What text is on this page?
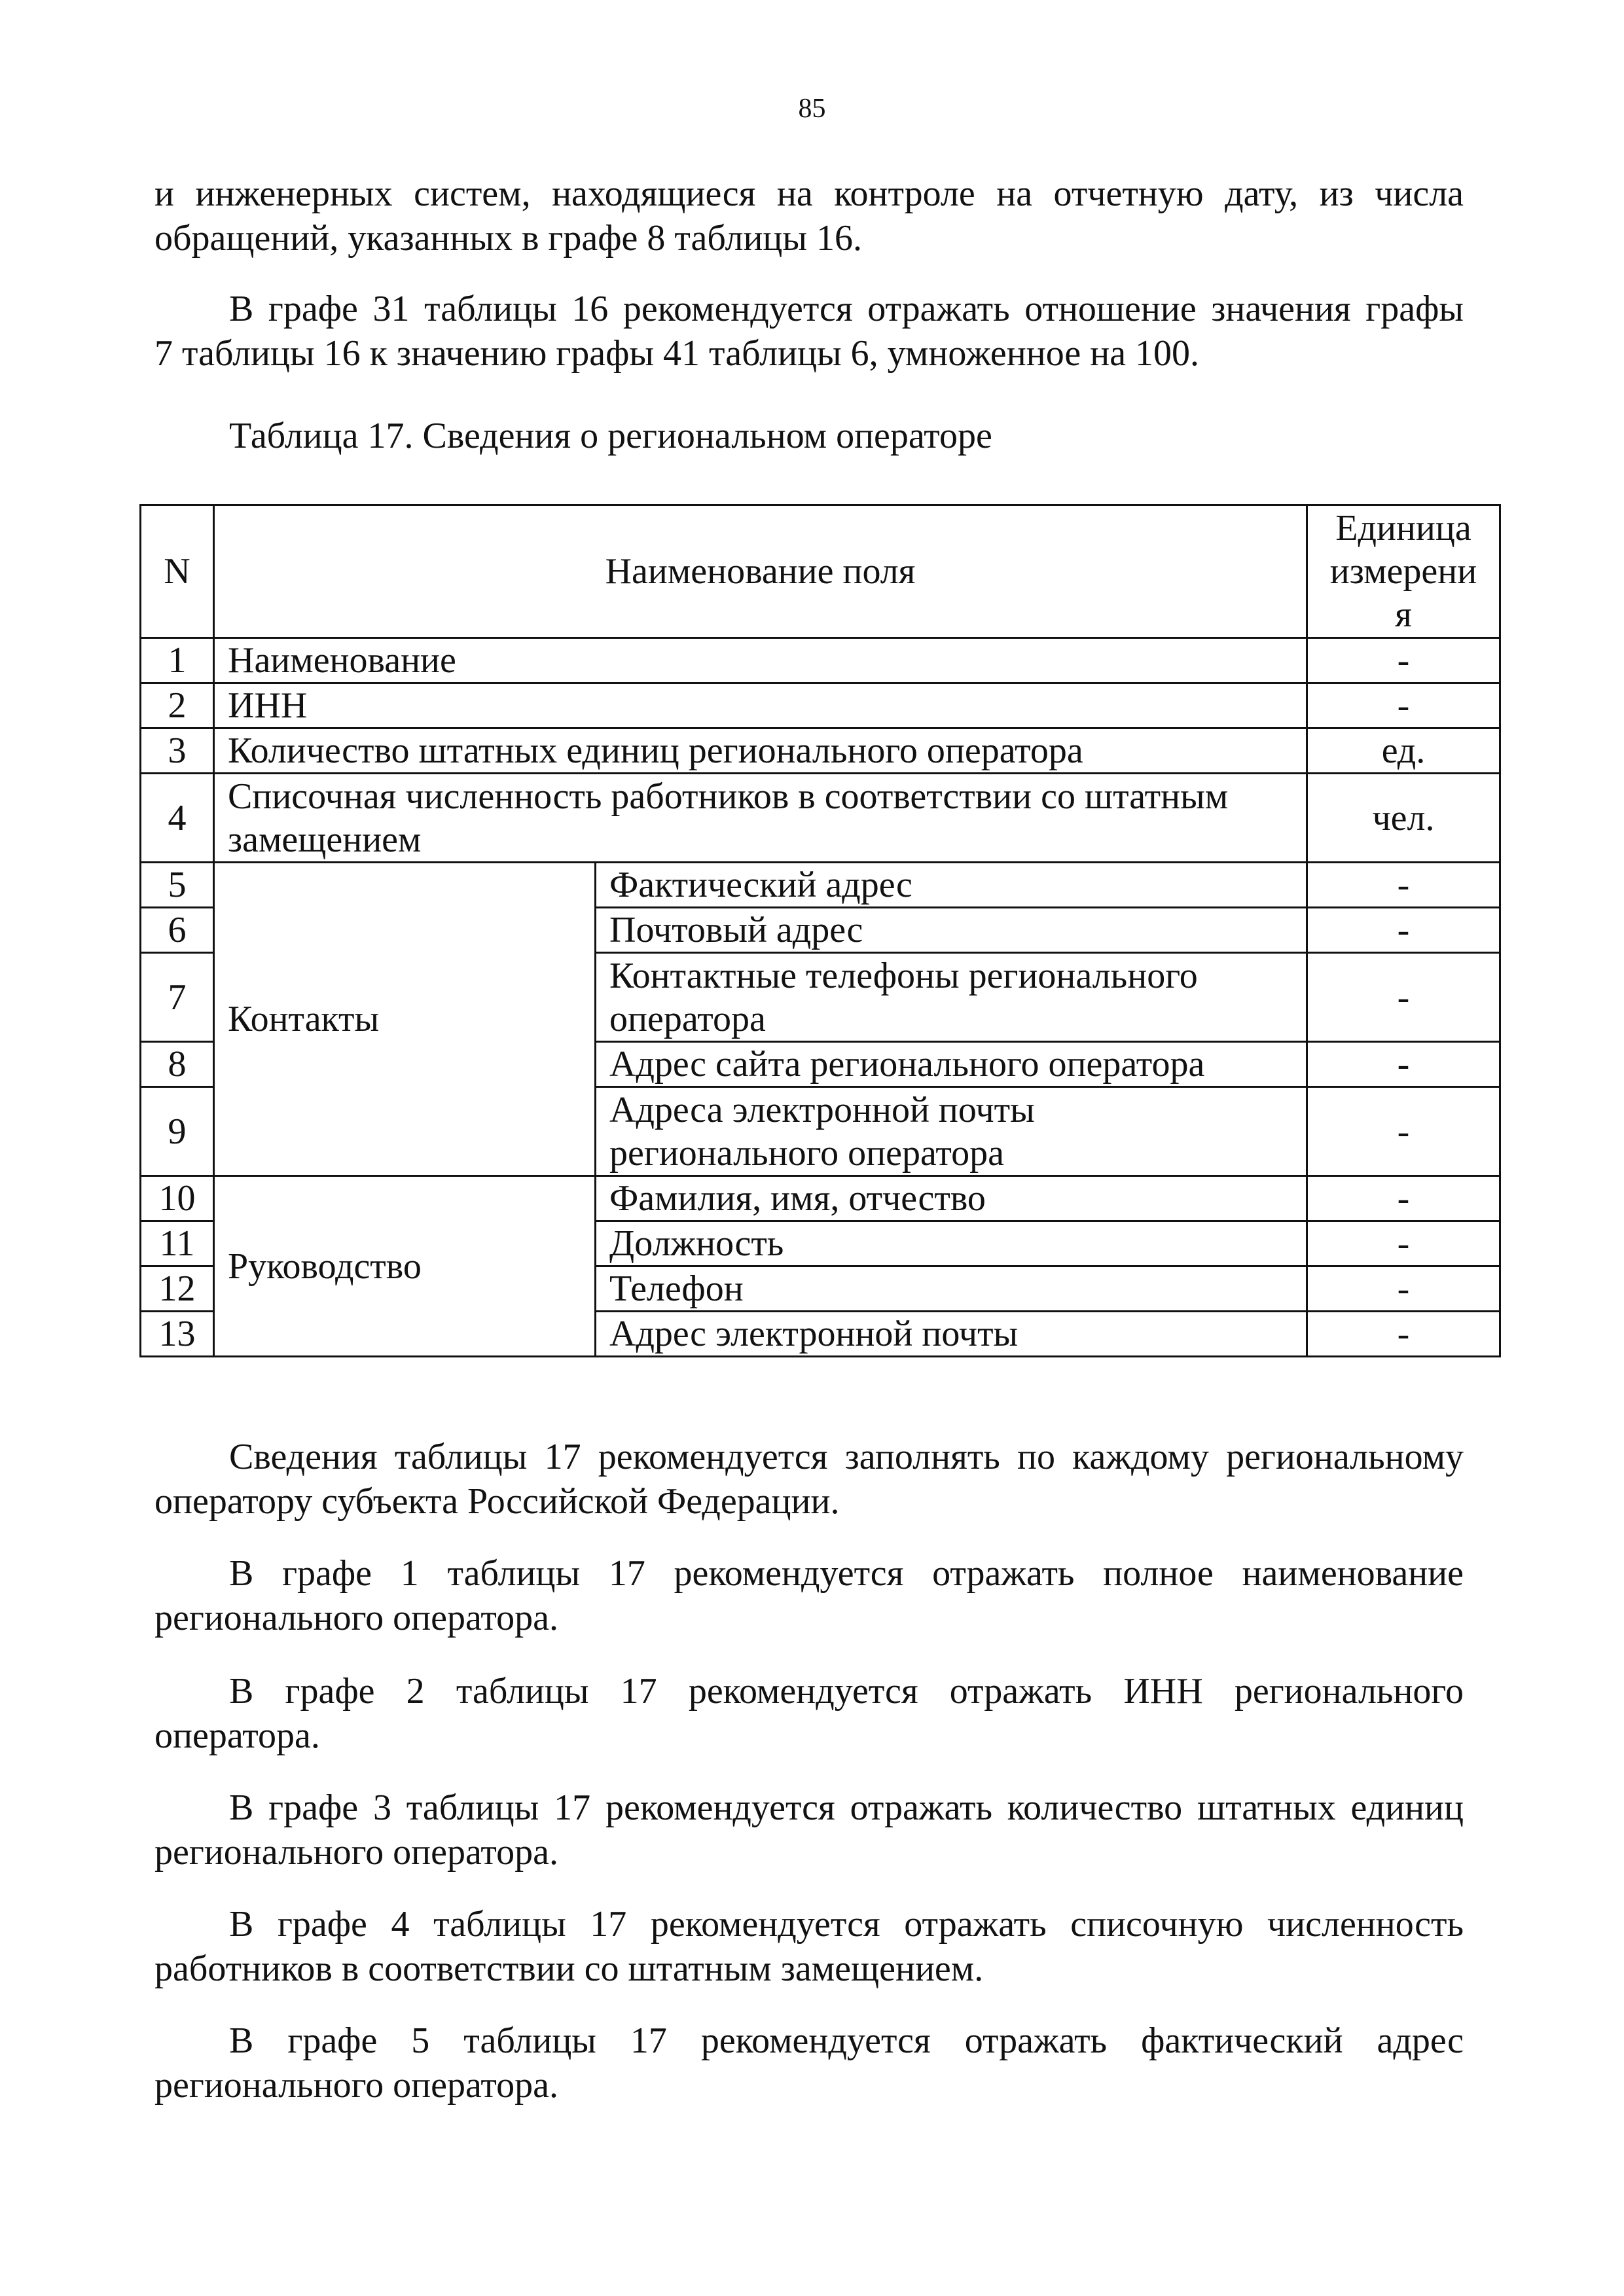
85
и инженерных систем, находящиеся на контроле на отчетную дату, из числа
обращений, указанных в графе 8 таблицы 16.
В графе 31 таблицы 16 рекомендуется отражать отношение значения графы
7 таблицы 16 к значению графы 41 таблицы 6, умноженное на 100.
Таблица 17. Сведения о региональном операторе
N	Наименование поля		Единица
измерени
я

1	Наименование		-
2	ИНН		-
3	Количество штатных единиц регионального оператора		ед.
4	Списочная численность работников в соответствии со штатным
замещением		чел.
5	Контакты	Фактический адрес	-
6		Почтовый адрес	-
7		Контактные телефоны регионального
оператора	-
8		Адрес сайта регионального оператора	-
9		Адреса электронной почты
регионального оператора	-
10	Руководство	Фамилия, имя, отчество	-
11		Должность	-
12		Телефон	-
13		Адрес электронной почты	-
Сведения таблицы 17 рекомендуется заполнять по каждому региональному
оператору субъекта Российской Федерации.
В графе 1 таблицы 17 рекомендуется отражать полное наименование
регионального оператора.
В графе 2 таблицы 17 рекомендуется отражать ИНН регионального
оператора.
В графе 3 таблицы 17 рекомендуется отражать количество штатных единиц
регионального оператора.
В графе 4 таблицы 17 рекомендуется отражать списочную численность
работников в соответствии со штатным замещением.
В графе 5 таблицы 17 рекомендуется отражать фактический адрес
регионального оператора.
